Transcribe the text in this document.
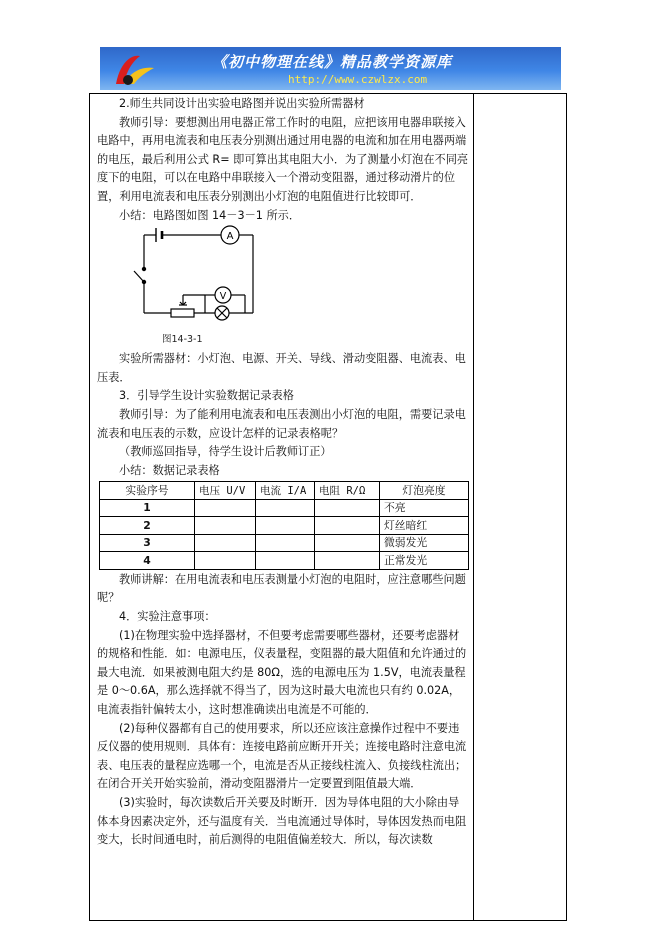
《初中物理在线》精品教学资源库
http://www.czwlzx.com

2.师生共同设计出实验电路图并说出实验所需器材

教师引导：要想测出用电器正常工作时的电阻，应把该用电器串联接入电路中，再用电流表和电压表分别测出通过用电器的电流和加在用电器两端的电压，最后利用公式 R= 即可算出其电阻大小．为了测量小灯泡在不同亮度下的电阻，可以在电路中串联接入一个滑动变阻器，通过移动滑片的位置，利用电流表和电压表分别测出小灯泡的电阻值进行比较即可．

小结：电路图如图 14－3－1 所示．

A
V
图14-3-1

实验所需器材：小灯泡、电源、开关、导线、滑动变阻器、电流表、电压表．

3．引导学生设计实验数据记录表格

教师引导：为了能利用电流表和电压表测出小灯泡的电阻，需要记录电流表和电压表的示数，应设计怎样的记录表格呢？

（教师巡回指导，待学生设计后教师订正）

小结：数据记录表格

实验序号	电压 U/V	电流 I/A	电阻 R/Ω	灯泡亮度
1				不亮
2				灯丝暗红
3				微弱发光
4				正常发光

教师讲解：在用电流表和电压表测量小灯泡的电阻时，应注意哪些问题呢？

4．实验注意事项：

(1)在物理实验中选择器材，不但要考虑需要哪些器材，还要考虑器材的规格和性能．如：电源电压，仪表量程，变阻器的最大阻值和允许通过的最大电流．如果被测电阻大约是 80Ω，选的电源电压为 1.5V，电流表量程是 0～0.6A，那么选择就不得当了，因为这时最大电流也只有约 0.02A，电流表指针偏转太小，这时想准确读出电流是不可能的．

(2)每种仪器都有自己的使用要求，所以还应该注意操作过程中不要违反仪器的使用规则．具体有：连接电路前应断开开关；连接电路时注意电流表、电压表的量程应选哪一个，电流是否从正接线柱流入、负接线柱流出；在闭合开关开始实验前，滑动变阻器滑片一定要置到阻值最大端．

(3)实验时，每次读数后开关要及时断开．因为导体电阻的大小除由导体本身因素决定外，还与温度有关．当电流通过导体时，导体因发热而电阻变大，长时间通电时，前后测得的电阻值偏差较大．所以，每次读数
